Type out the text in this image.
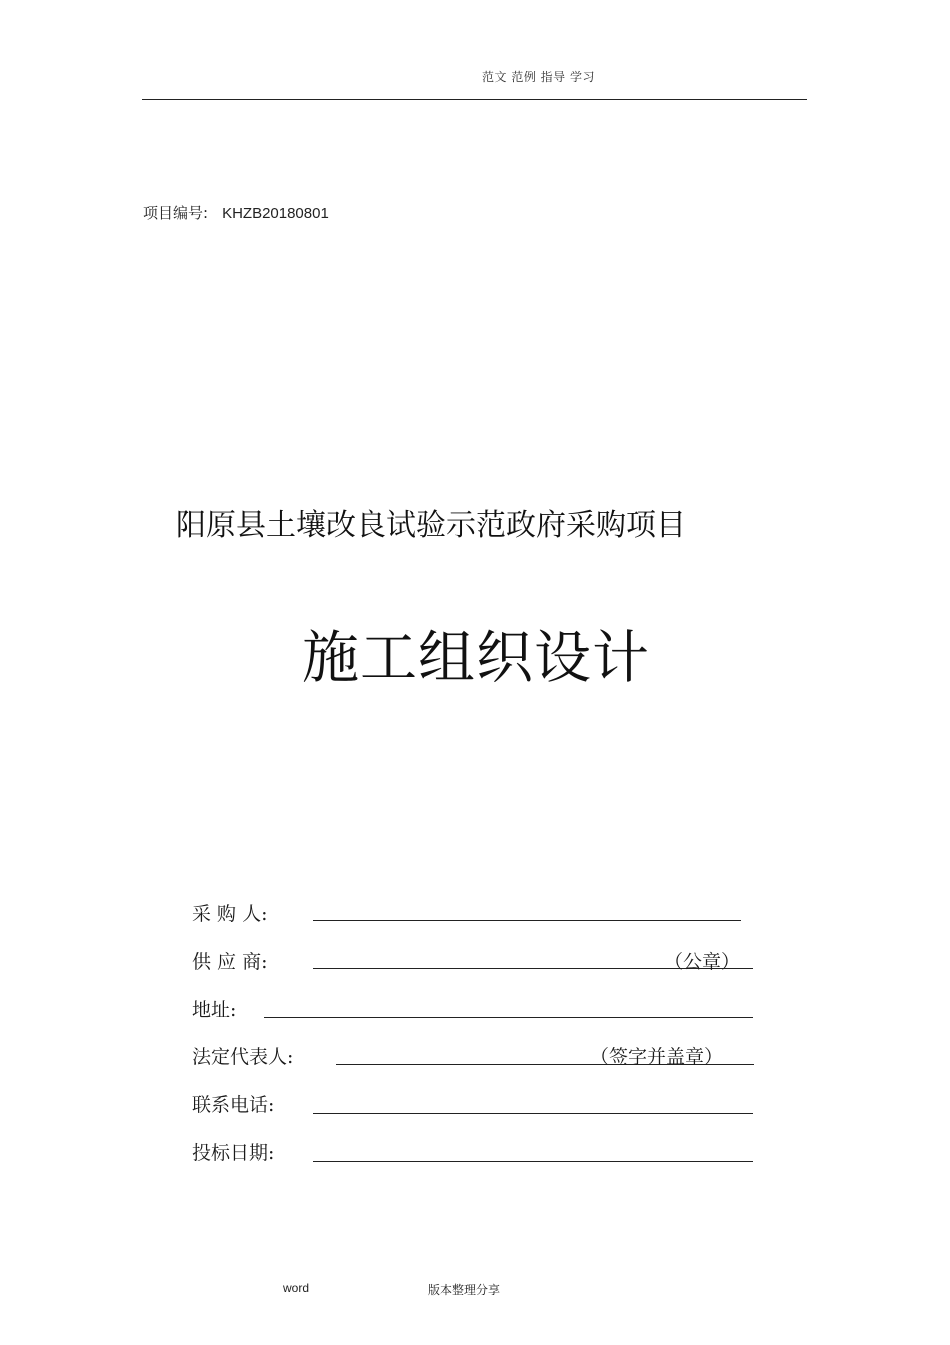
范文 范例 指导 学习
项目编号: KHZB20180801
阳原县土壤改良试验示范政府采购项目
施工组织设计
采 购 人:
供 应 商:	（公章）
地址:
法定代表人:	（签字并盖章）
联系电话:
投标日期:
word	版本整理分享
